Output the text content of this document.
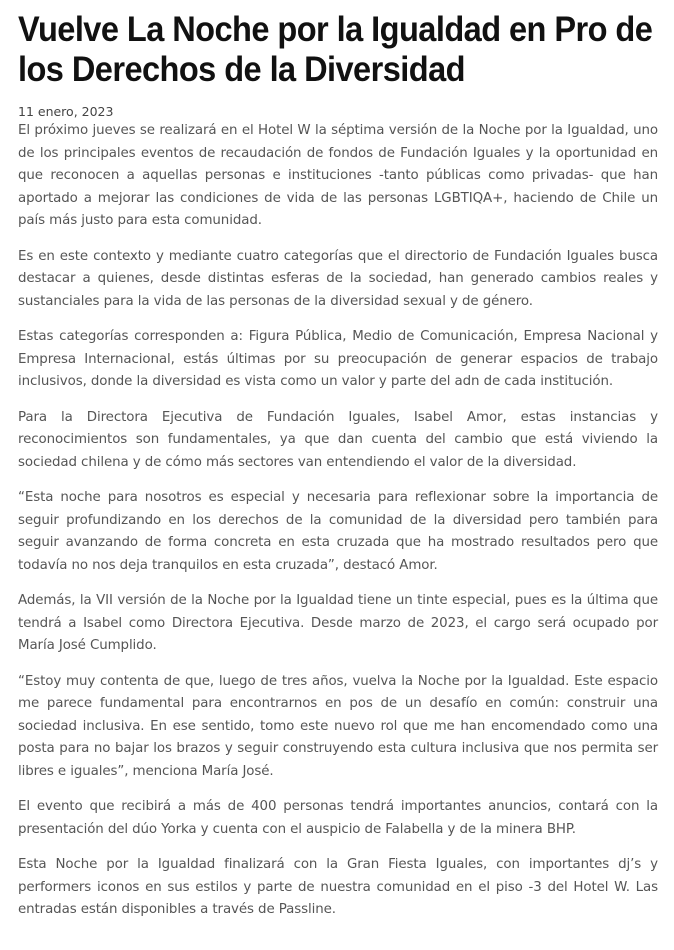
Vuelve La Noche por la Igualdad en Pro de los Derechos de la Diversidad
11 enero, 2023

El próximo jueves se realizará en el Hotel W la séptima versión de la Noche por la Igualdad, uno de los principales eventos de recaudación de fondos de Fundación Iguales y la oportunidad en que reconocen a aquellas personas e instituciones -tanto públicas como privadas- que han aportado a mejorar las condiciones de vida de las personas LGBTIQA+, haciendo de Chile un país más justo para esta comunidad.

Es en este contexto y mediante cuatro categorías que el directorio de Fundación Iguales busca destacar a quienes, desde distintas esferas de la sociedad, han generado cambios reales y sustanciales para la vida de las personas de la diversidad sexual y de género.

Estas categorías corresponden a: Figura Pública, Medio de Comunicación, Empresa Nacional y Empresa Internacional, estás últimas por su preocupación de generar espacios de trabajo inclusivos, donde la diversidad es vista como un valor y parte del adn de cada institución.

Para la Directora Ejecutiva de Fundación Iguales, Isabel Amor, estas instancias y reconocimientos son fundamentales, ya que dan cuenta del cambio que está viviendo la sociedad chilena y de cómo más sectores van entendiendo el valor de la diversidad.

“Esta noche para nosotros es especial y necesaria para reflexionar sobre la importancia de seguir profundizando en los derechos de la comunidad de la diversidad pero también para seguir avanzando de forma concreta en esta cruzada que ha mostrado resultados pero que todavía no nos deja tranquilos en esta cruzada”, destacó Amor.

Además, la VII versión de la Noche por la Igualdad tiene un tinte especial, pues es la última que tendrá a Isabel como Directora Ejecutiva. Desde marzo de 2023, el cargo será ocupado por María José Cumplido.

“Estoy muy contenta de que, luego de tres años, vuelva la Noche por la Igualdad. Este espacio me parece fundamental para encontrarnos en pos de un desafío en común: construir una sociedad inclusiva. En ese sentido, tomo este nuevo rol que me han encomendado como una posta para no bajar los brazos y seguir construyendo esta cultura inclusiva que nos permita ser libres e iguales”, menciona María José.

El evento que recibirá a más de 400 personas tendrá importantes anuncios, contará con la presentación del dúo Yorka y cuenta con el auspicio de Falabella y de la minera BHP.

Esta Noche por la Igualdad finalizará con la Gran Fiesta Iguales, con importantes dj’s y performers iconos en sus estilos y parte de nuestra comunidad en el piso -3 del Hotel W. Las entradas están disponibles a través de Passline.
